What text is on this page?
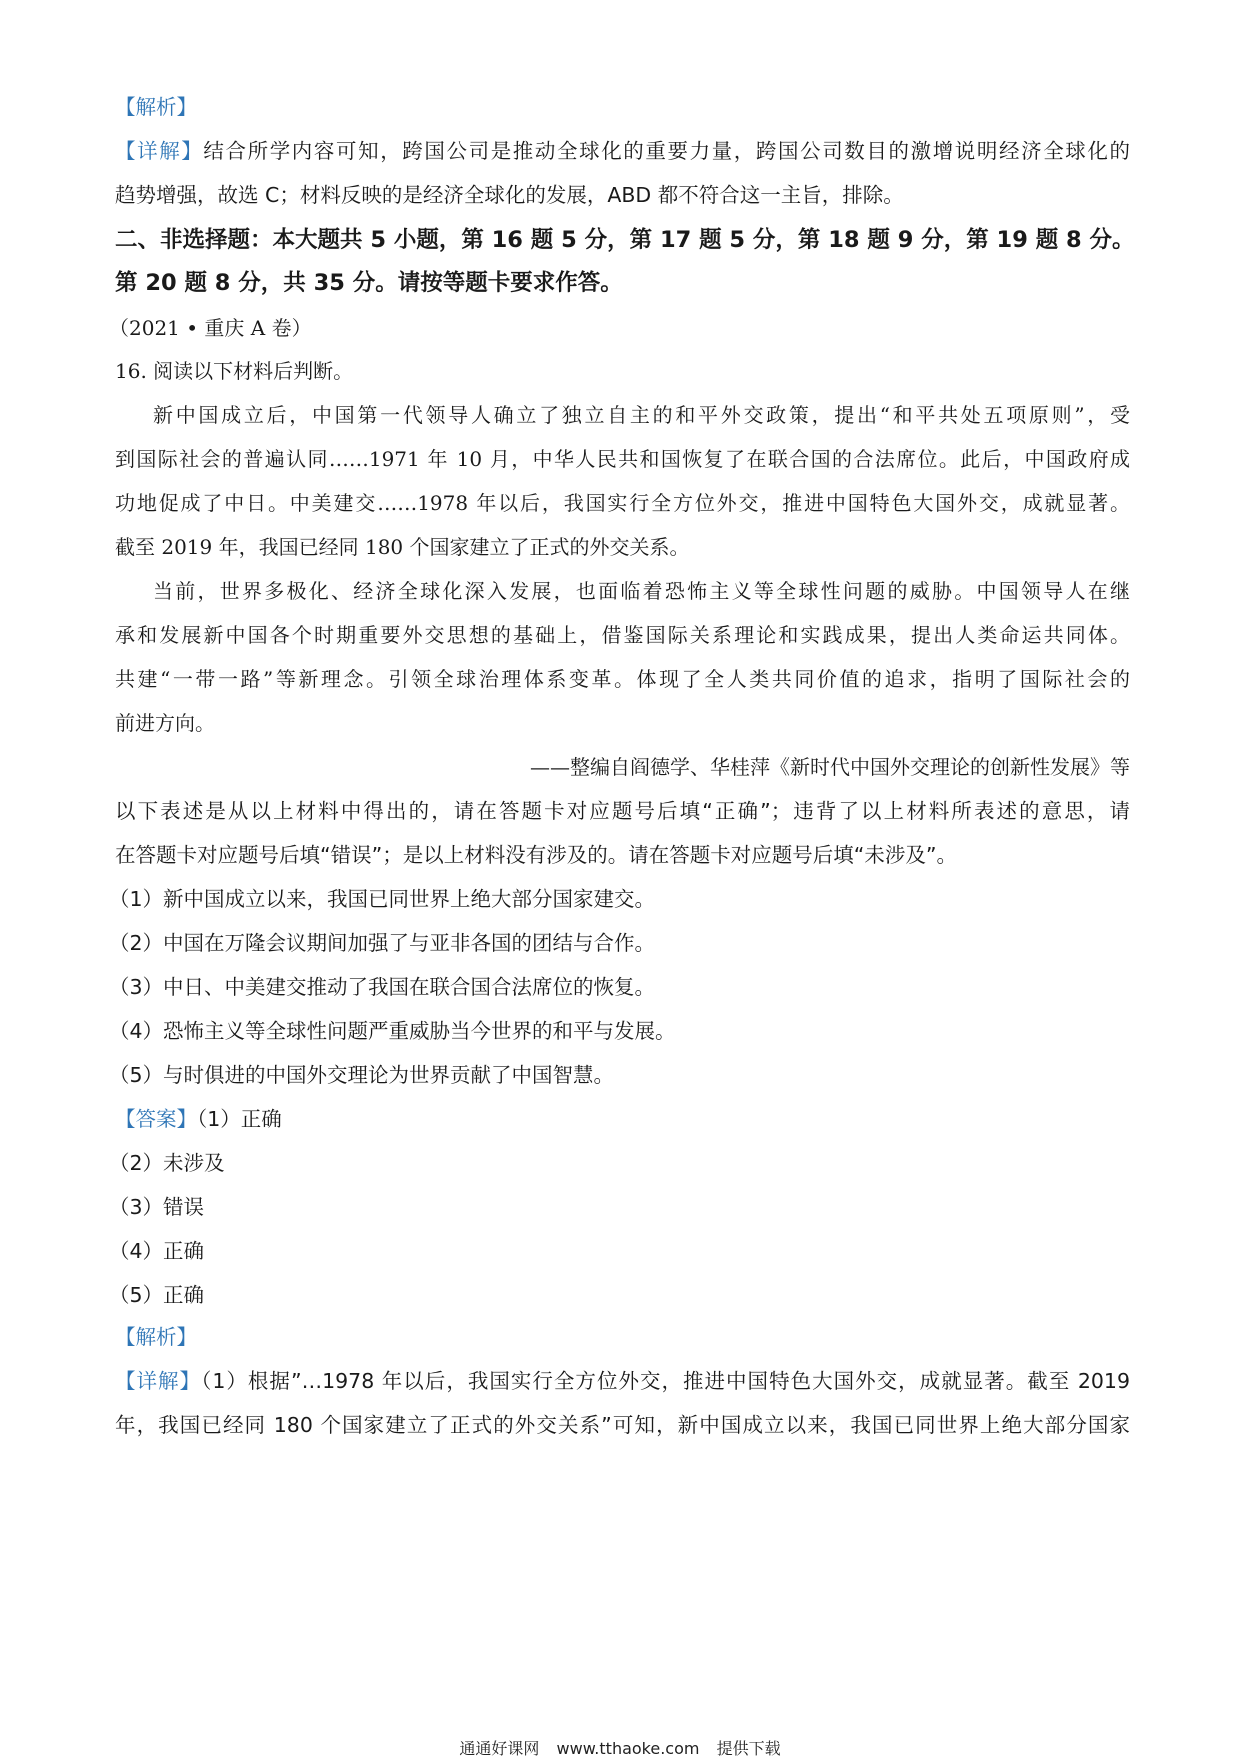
【解析】
【详解】结合所学内容可知，跨国公司是推动全球化的重要力量，跨国公司数目的激增说明经济全球化的
趋势增强，故选 C；材料反映的是经济全球化的发展，ABD 都不符合这一主旨，排除。
二、非选择题：本大题共 5 小题，第 16 题 5 分，第 17 题 5 分，第 18 题 9 分，第 19 题 8 分。
第 20 题 8 分，共 35 分。请按等题卡要求作答。
（2021 • 重庆 A 卷）
16. 阅读以下材料后判断。
新中国成立后，中国第一代领导人确立了独立自主的和平外交政策，提出“和平共处五项原则”，受
到国际社会的普遍认同……1971 年 10 月，中华人民共和国恢复了在联合国的合法席位。此后，中国政府成
功地促成了中日。中美建交……1978 年以后，我国实行全方位外交，推进中国特色大国外交，成就显著。
截至 2019 年，我国已经同 180 个国家建立了正式的外交关系。
当前，世界多极化、经济全球化深入发展，也面临着恐怖主义等全球性问题的威胁。中国领导人在继
承和发展新中国各个时期重要外交思想的基础上，借鉴国际关系理论和实践成果，提出人类命运共同体。
共建“一带一路”等新理念。引领全球治理体系变革。体现了全人类共同价值的追求，指明了国际社会的
前进方向。
——整编自阎德学、华桂萍《新时代中国外交理论的创新性发展》等
以下表述是从以上材料中得出的，请在答题卡对应题号后填“正确”；违背了以上材料所表述的意思，请
在答题卡对应题号后填“错误”；是以上材料没有涉及的。请在答题卡对应题号后填“未涉及”。
（1）新中国成立以来，我国已同世界上绝大部分国家建交。
（2）中国在万隆会议期间加强了与亚非各国的团结与合作。
（3）中日、中美建交推动了我国在联合国合法席位的恢复。
（4）恐怖主义等全球性问题严重威胁当今世界的和平与发展。
（5）与时俱进的中国外交理论为世界贡献了中国智慧。
【答案】（1）正确
（2）未涉及
（3）错误
（4）正确
（5）正确
【解析】
【详解】（1）根据”…1978 年以后，我国实行全方位外交，推进中国特色大国外交，成就显著。截至 2019
年，我国已经同 180 个国家建立了正式的外交关系”可知，新中国成立以来，我国已同世界上绝大部分国家
通通好课网 www.tthaoke.com 提供下载
